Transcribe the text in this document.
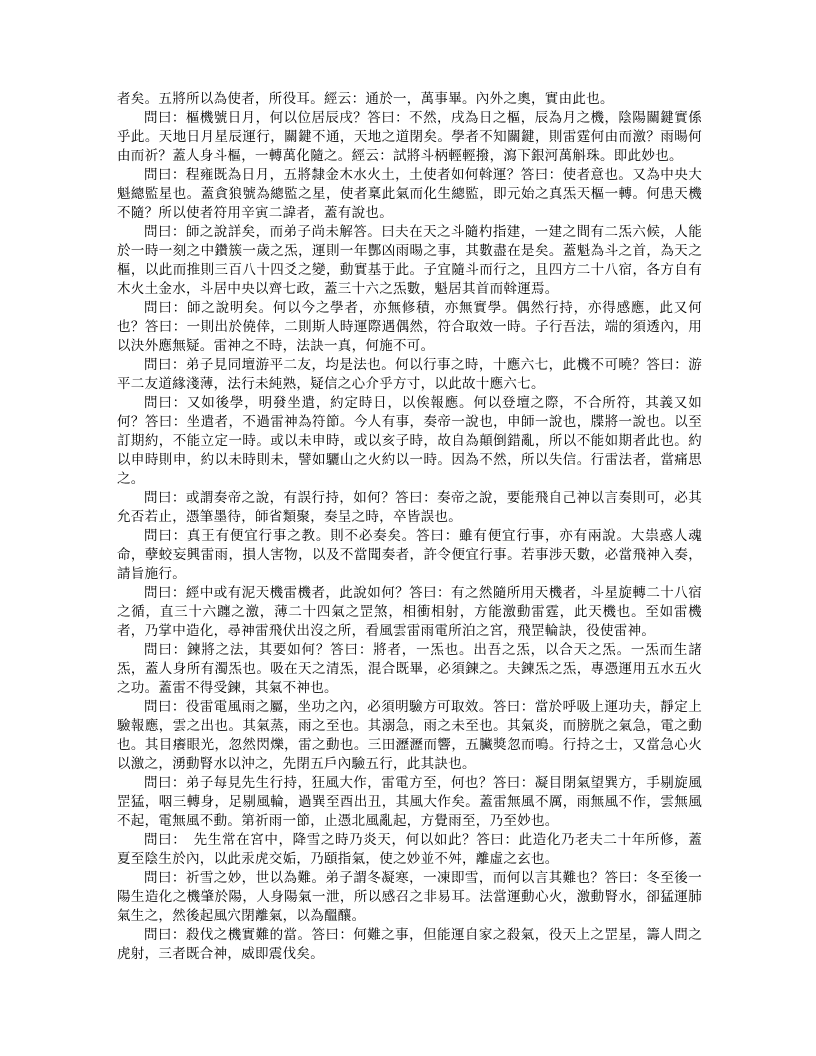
者矣。五將所以為使者，所役耳。經云：通於一，萬事畢。內外之奧，實由此也。

問曰：樞機號日月，何以位居辰戌？答曰：不然，戌為日之樞，辰為月之機，陰陽關鍵實係乎此。天地日月星辰運行，關鍵不通，天地之道閉矣。學者不知關鍵，則雷霆何由而激？雨暘何由而祈？蓋人身斗樞，一轉萬化隨之。經云：試將斗柄輕輕撥，瀉下銀河萬斛珠。即此妙也。

問曰：程雍既為日月，五將隸金木水火土，土使者如何斡運？答曰：使者意也。又為中央大魁總監星也。蓋貪狼號為總監之星，使者稟此氣而化生總監，即元始之真炁天樞一轉。何患天機不隨？所以使者符用辛寅二諱者，蓋有說也。

問曰：師之說詳矣，而弟子尚未解答。曰夫在天之斗隨杓指建，一建之間有二炁六候，人能於一時一刻之中鑽簇一歲之炁，運則一年酆凶雨暘之事，其數盡在是矣。蓋魁為斗之首，為天之樞，以此而推則三百八十四爻之變，動實基于此。子宜隨斗而行之，且四方二十八宿，各方自有木火土金水，斗居中央以齊七政，蓋三十六之炁數，魁居其首而斡運焉。

問曰：師之說明矣。何以今之學者，亦無修積，亦無實學。偶然行持，亦得感應，此又何也？答曰：一則出於僥倖，二則斯人時運際遇偶然，符合取效一時。子行吾法，端的須透內，用以決外應無疑。雷神之不時，法訣一真，何施不可。

問曰：弟子見同壇游平二友，均是法也。何以行事之時，十應六七，此機不可曉？答曰：游平二友道緣淺薄，法行未純熟，疑信之心介乎方寸，以此故十應六七。

問曰：又如後學，明發坐遣，約定時日，以俟報應。何以登壇之際，不合所符，其義又如何？答曰：坐遣者，不過雷神為符節。今人有事，奏帝一說也，申師一說也，牒將一說也。以至訂期約，不能立定一時。或以未申時，或以亥子時，故自為顛倒錯亂，所以不能如期者此也。約以申時則申，約以未時則未，譬如驪山之火約以一時。因為不然，所以失信。行雷法者，當痛思之。

問曰：或謂奏帝之說，有誤行持，如何？答曰：奏帝之說，要能飛自己神以言奏則可，必其允否若止，憑筆墨待，師省類聚，奏呈之時，卒皆誤也。

問曰：真王有便宜行事之教。則不必奏矣。答曰：雖有便宜行事，亦有兩說。大祟惑人魂命，孽蛟妄興雷雨，損人害物，以及不當聞奏者，許令便宜行事。若事涉天數，必當飛神入奏，請旨施行。

問曰：經中或有泥天機雷機者，此說如何？答曰：有之然隨所用天機者，斗星旋轉二十八宿之循，直三十六躔之激，薄二十四氣之罡煞，相衝相射，方能激動雷霆，此天機也。至如雷機者，乃掌中造化，尋神雷飛伏出沒之所，看風雲雷雨電所泊之宮，飛罡輪訣，役使雷神。

問曰：鍊將之法，其要如何？答曰：將者，一炁也。出吾之炁，以合天之炁。一炁而生諸炁，蓋人身所有濁炁也。吸在天之清炁，混合既畢，必須鍊之。夫鍊炁之炁，專憑運用五水五火之功。蓋雷不得受鍊，其氣不神也。

問曰：役雷電風雨之屬，坐功之內，必須明驗方可取效。答曰：當於呼吸上運功夫，靜定上驗報應，雲之出也。其氣蒸，雨之至也。其溺急，雨之未至也。其氣炎，而膀胱之氣急，電之動也。其目癢眼光，忽然閃爍，雷之動也。三田瀝瀝而響，五臟獎忽而鳴。行持之士，又當急心火以激之，湧動腎水以沖之，先閉五戶內驗五行，此其訣也。

問曰：弟子每見先生行持，狂風大作，雷電方至，何也？答曰：凝目閉氣望巽方，手剔旋風罡猛，咽三轉身，足剔風輪，過巽至酉出丑，其風大作矣。蓋雷無風不厲，雨無風不作，雲無風不起，電無風不動。第祈雨一節，止憑北風亂起，方覺雨至，乃至妙也。

問曰：　先生常在宮中，降雪之時乃炎天，何以如此？答曰：此造化乃老夫二十年所修，蓋夏至陰生於內，以此汞虎交姤，乃頤指氣，使之妙並不舛，離虛之玄也。

問曰：祈雪之妙，世以為難。弟子謂冬凝寒，一凍即雪，而何以言其難也？答曰：冬至後一陽生造化之機肇於陽，人身陽氣一泄，所以感召之非易耳。法當運動心火，激動腎水，卻猛運肺氣生之，然後起風穴閉離氣，以為醞釀。

問曰：殺伐之機實難的當。答曰：何難之事，但能運自家之殺氣，役天上之罡星，籌人問之虎射，三者既合神，威即震伐矣。
